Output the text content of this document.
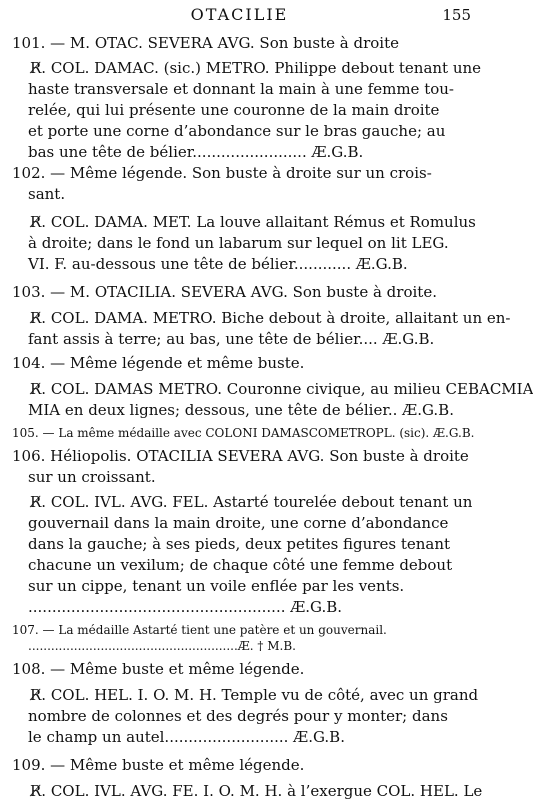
OTACILIE	155
101. — M. OTAC. SEVERA AVG. Son buste à droite
R̸. COL. DAMAC. (sic.) METRO. Philippe debout tenant une
haste transversale et donnant la main à une femme tou-
relée, qui lui présente une couronne de la main droite
et porte une corne d’abondance sur le bras gauche; au
bas une tête de bélier........................ Æ.G.B.
102. — Même légende. Son buste à droite sur un crois-
sant.
R̸. COL. DAMA. MET. La louve allaitant Rémus et Romulus
à droite; dans le fond un labarum sur lequel on lit LEG.
VI. F. au-dessous une tête de bélier............ Æ.G.B.
103. — M. OTACILIA. SEVERA AVG. Son buste à droite.
R̸. COL. DAMA. METRO. Biche debout à droite, allaitant un en-
fant assis à terre; au bas, une tête de bélier.... Æ.G.B.
104. — Même légende et même buste.
R̸. COL. DAMAS METRO. Couronne civique, au milieu CEBACMIA
MIA en deux lignes; dessous, une tête de bélier.. Æ.G.B.
105. — La même médaille avec COLONI DAMASCOMETROPL. (sic). Æ.G.B.
106. Héliopolis. OTACILIA SEVERA AVG. Son buste à droite
sur un croissant.
R̸. COL. IVL. AVG. FEL. Astarté tourelée debout tenant un
gouvernail dans la main droite, une corne d’abondance
dans la gauche; à ses pieds, deux petites figures tenant
chacune un vexilum; de chaque côté une femme debout
sur un cippe, tenant un voile enflée par les vents.
...................................................... Æ.G.B.
107. — La médaille Astarté tient une patère et un gouvernail.
.......................................................Æ. † M.B.
108. — Même buste et même légende.
R̸. COL. HEL. I. O. M. H. Temple vu de côté, avec un grand
nombre de colonnes et des degrés pour y monter; dans
le champ un autel.......................... Æ.G.B.
109. — Même buste et même légende.
R̸. COL. IVL. AVG. FE. I. O. M. H. à l’exergue COL. HEL. Le
